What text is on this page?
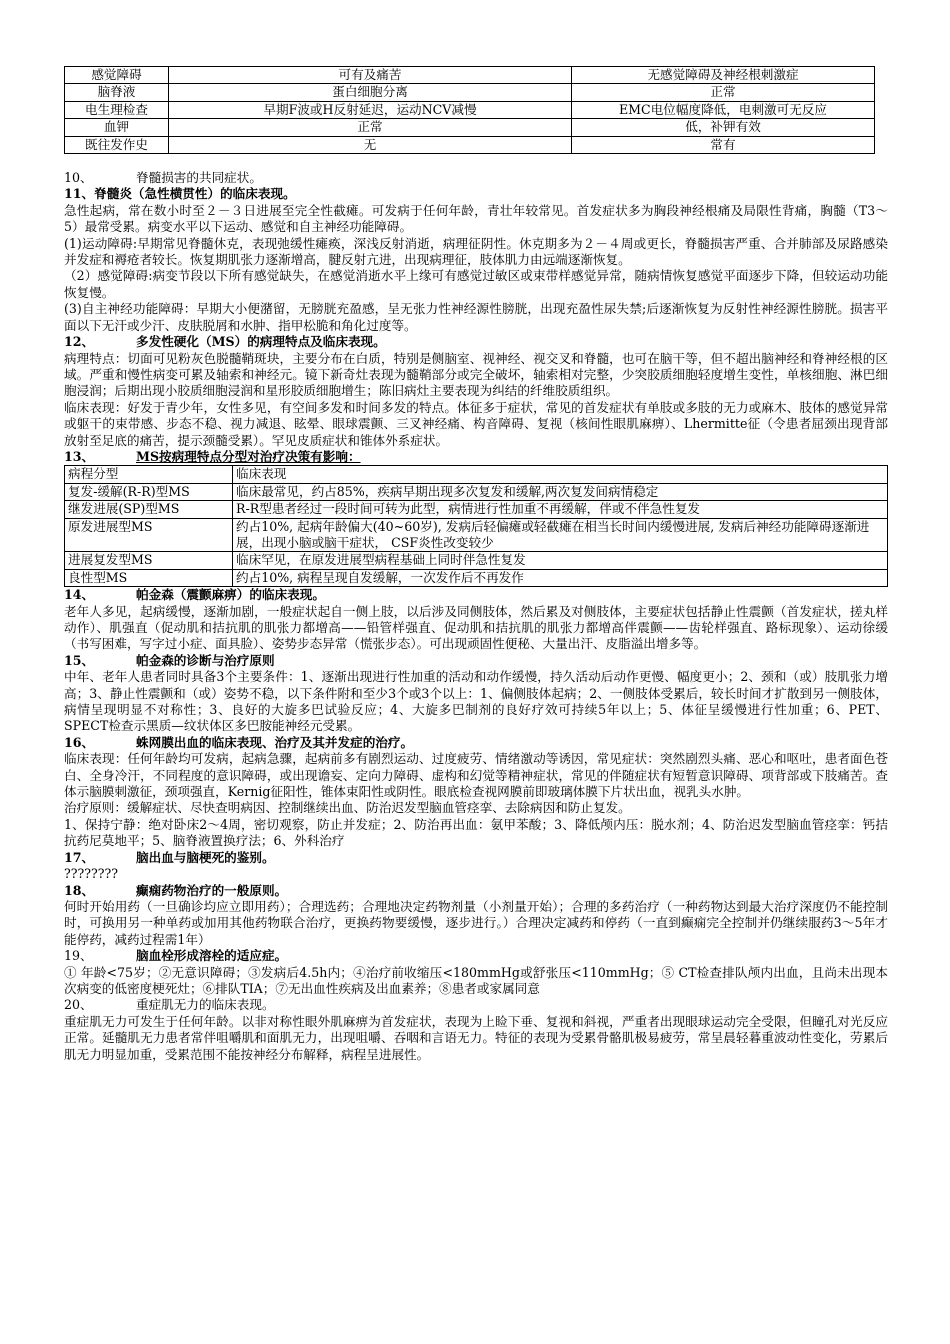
感觉障碍	可有及痛苦	无感觉障碍及神经根刺激症
脑脊液	蛋白细胞分离	正常
电生理检查	早期F波或H反射延迟，运动NCV减慢	EMC电位幅度降低，电刺激可无反应
血钾	正常	低，补钾有效
既往发作史	无	常有

10、	脊髓损害的共同症状。

11、脊髓炎（急性横贯性）的临床表现。

急性起病，常在数小时至２－３日进展至完全性截瘫。可发病于任何年龄，青壮年较常见。首发症状多为胸段神经根痛及局限性背痛，胸髓（T3～5）最常受累。病变水平以下运动、感觉和自主神经功能障碍。

(1)运动障碍:早期常见脊髓休克，表现弛缓性瘫痪，深浅反射消逝，病理征阴性。休克期多为２－４周或更长，脊髓损害严重、合并肺部及尿路感染并发症和褥疮者较长。恢复期肌张力逐渐增高，腱反射亢进，出现病理征，肢体肌力由远端逐渐恢复。

（2）感觉障碍:病变节段以下所有感觉缺失，在感觉消逝水平上缘可有感觉过敏区或束带样感觉异常，随病情恢复感觉平面逐步下降，但较运动功能恢复慢。

(3)自主神经功能障碍：早期大小便潴留，无膀胱充盈感，呈无张力性神经源性膀胱，出现充盈性尿失禁;后逐渐恢复为反射性神经源性膀胱。损害平面以下无汗或少汗、皮肤脱屑和水肿、指甲松脆和角化过度等。

12、	多发性硬化（MS）的病理特点及临床表现。

病理特点：切面可见粉灰色脱髓鞘斑块，主要分布在白质，特别是侧脑室、视神经、视交叉和脊髓，也可在脑干等，但不超出脑神经和脊神经根的区域。严重和慢性病变可累及轴索和神经元。镜下新奇灶表现为髓鞘部分或完全破坏，轴索相对完整，少突胶质细胞轻度增生变性，单核细胞、淋巴细胞浸润；后期出现小胶质细胞浸润和星形胶质细胞增生；陈旧病灶主要表现为纠结的纤维胶质组织。

临床表现：好发于青少年，女性多见，有空间多发和时间多发的特点。体征多于症状，常见的首发症状有单肢或多肢的无力或麻木、肢体的感觉异常或躯干的束带感、步态不稳、视力减退、眩晕、眼球震颤、三叉神经痛、构音障碍、复视（核间性眼肌麻痹）、Lhermitte征（令患者屈颈出现背部放射至足底的痛苦，提示颈髓受累）。罕见皮质症状和锥体外系症状。

13、	MS按病理特点分型对治疗决策有影响：

病程分型	临床表现
复发-缓解(R-R)型MS	临床最常见，约占85%，疾病早期出现多次复发和缓解,两次复发间病情稳定
继发进展(SP)型MS	R-R型患者经过一段时间可转为此型，病情进行性加重不再缓解，伴或不伴急性复发
原发进展型MS	约占10%, 起病年龄偏大(40~60岁), 发病后轻偏瘫或轻截瘫在相当长时间内缓慢进展, 发病后神经功能障碍逐渐进展，出现小脑或脑干症状， CSF炎性改变较少
进展复发型MS	临床罕见，在原发进展型病程基础上同时伴急性复发
良性型MS	约占10%, 病程呈现自发缓解，一次发作后不再发作

14、	帕金森（震颤麻痹）的临床表现。

老年人多见，起病缓慢，逐渐加剧，一般症状起自一侧上肢，以后涉及同侧肢体，然后累及对侧肢体，主要症状包括静止性震颤（首发症状，搓丸样动作）、肌强直（促动肌和拮抗肌的肌张力都增高——铅管样强直、促动肌和拮抗肌的肌张力都增高伴震颤——齿轮样强直、路标现象）、运动徐缓（书写困难，写字过小症、面具脸）、姿势步态异常（慌张步态）。可出现顽固性便秘、大量出汗、皮脂溢出增多等。

15、	帕金森的诊断与治疗原则

中年、老年人患者同时具备3个主要条件：1、逐渐出现进行性加重的活动和动作缓慢，持久活动后动作更慢、幅度更小；2、颈和（或）肢肌张力增高；3、静止性震颤和（或）姿势不稳，以下条件附和至少3个或3个以上：1、偏侧肢体起病；2、一侧肢体受累后，较长时间才扩散到另一侧肢体，病情呈现明显不对称性；3、良好的大旋多巴试验反应；4、大旋多巴制剂的良好疗效可持续5年以上；5、体征呈缓慢进行性加重；6、PET、SPECT检查示黑质—纹状体区多巴胺能神经元受累。

16、	蛛网膜出血的临床表现、治疗及其并发症的治疗。

临床表现：任何年龄均可发病，起病急骤，起病前多有剧烈运动、过度疲劳、情绪激动等诱因，常见症状：突然剧烈头痛、恶心和呕吐，患者面色苍白、全身冷汗，不同程度的意识障碍，或出现谵妄、定向力障碍、虚构和幻觉等精神症状，常见的伴随症状有短暂意识障碍、项背部或下肢痛苦。查体示脑膜刺激征，颈项强直，Kernig征阳性，锥体束阳性或阴性。眼底检查视网膜前即玻璃体膜下片状出血，视乳头水肿。

治疗原则：缓解症状、尽快查明病因、控制继续出血、防治迟发型脑血管痉挛、去除病因和防止复发。

1、保持宁静：绝对卧床2～4周，密切观察，防止并发症；2、防治再出血：氨甲苯酸；3、降低颅内压：脱水剂；4、防治迟发型脑血管痉挛：钙拮抗药尼莫地平；5、脑脊液置换疗法；6、外科治疗

17、	脑出血与脑梗死的鉴别。

????????

18、	癫痫药物治疗的一般原则。

何时开始用药（一旦确诊均应立即用药）；合理选药；合理地决定药物剂量（小剂量开始）；合理的多药治疗（一种药物达到最大治疗深度仍不能控制时，可换用另一种单药或加用其他药物联合治疗，更换药物要缓慢，逐步进行。）合理决定减药和停药（一直到癫痫完全控制并仍继续服药3～5年才能停药，减药过程需1年）

19、	脑血栓形成溶栓的适应症。

① 年龄<75岁；②无意识障碍；③发病后4.5h内；④治疗前收缩压<180mmHg或舒张压<110mmHg；⑤ CT检查排队颅内出血，且尚未出现本次病变的低密度梗死灶；⑥排队TIA；⑦无出血性疾病及出血素养；⑧患者或家属同意

20、	重症肌无力的临床表现。

重症肌无力可发生于任何年龄。以非对称性眼外肌麻痹为首发症状，表现为上睑下垂、复视和斜视，严重者出现眼球运动完全受限，但瞳孔对光反应正常。延髓肌无力患者常伴咀嚼肌和面肌无力，出现咀嚼、吞咽和言语无力。特征的表现为受累骨骼肌极易疲劳，常呈晨轻暮重波动性变化，劳累后肌无力明显加重，受累范围不能按神经分布解释，病程呈进展性。
